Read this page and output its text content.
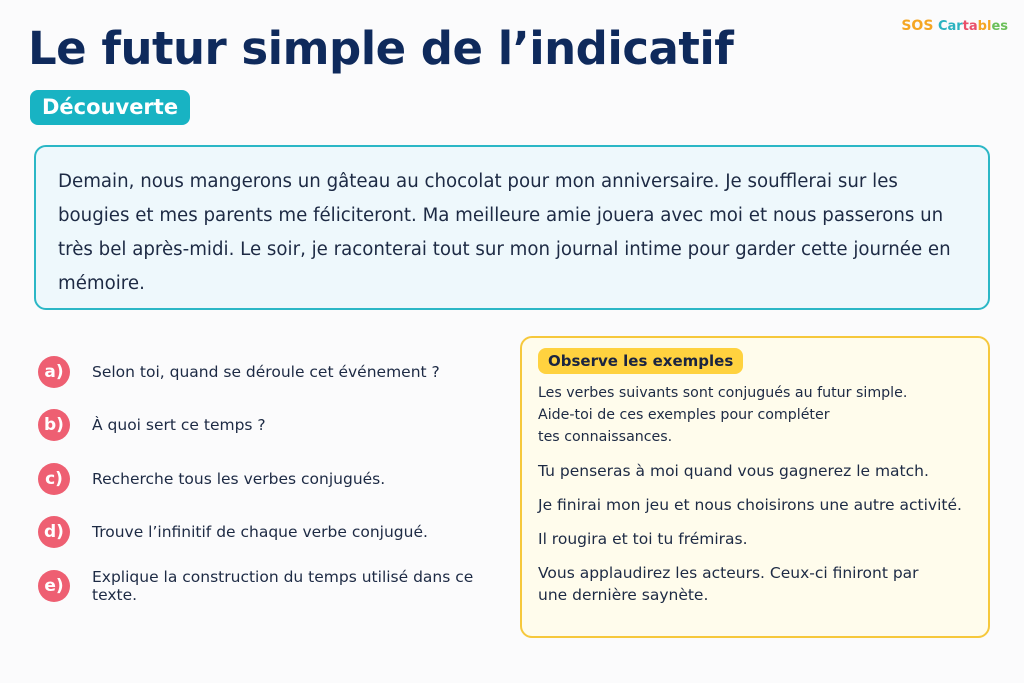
Le futur simple de l’indicatif	SOS Cartables
Découverte

Demain, nous mangerons un gâteau au chocolat pour mon anniversaire. Je soufflerai sur les bougies et mes parents me féliciteront. Ma meilleure amie jouera avec moi et nous passerons un très bel après-midi. Le soir, je raconterai tout sur mon journal intime pour garder cette journée en mémoire.

a)	Selon toi, quand se déroule cet événement ?
b)	À quoi sert ce temps ?
c)	Recherche tous les verbes conjugués.
d)	Trouve l’infinitif de chaque verbe conjugué.
e)	Explique la construction du temps utilisé dans ce texte.
Observe les exemples
Les verbes suivants sont conjugués au futur simple.
Aide-toi de ces exemples pour compléter
tes connaissances.
Tu penseras à moi quand vous gagnerez le match.
Je finirai mon jeu et nous choisirons une autre activité.
Il rougira et toi tu frémiras.
Vous applaudirez les acteurs. Ceux-ci finiront par une dernière saynète.
